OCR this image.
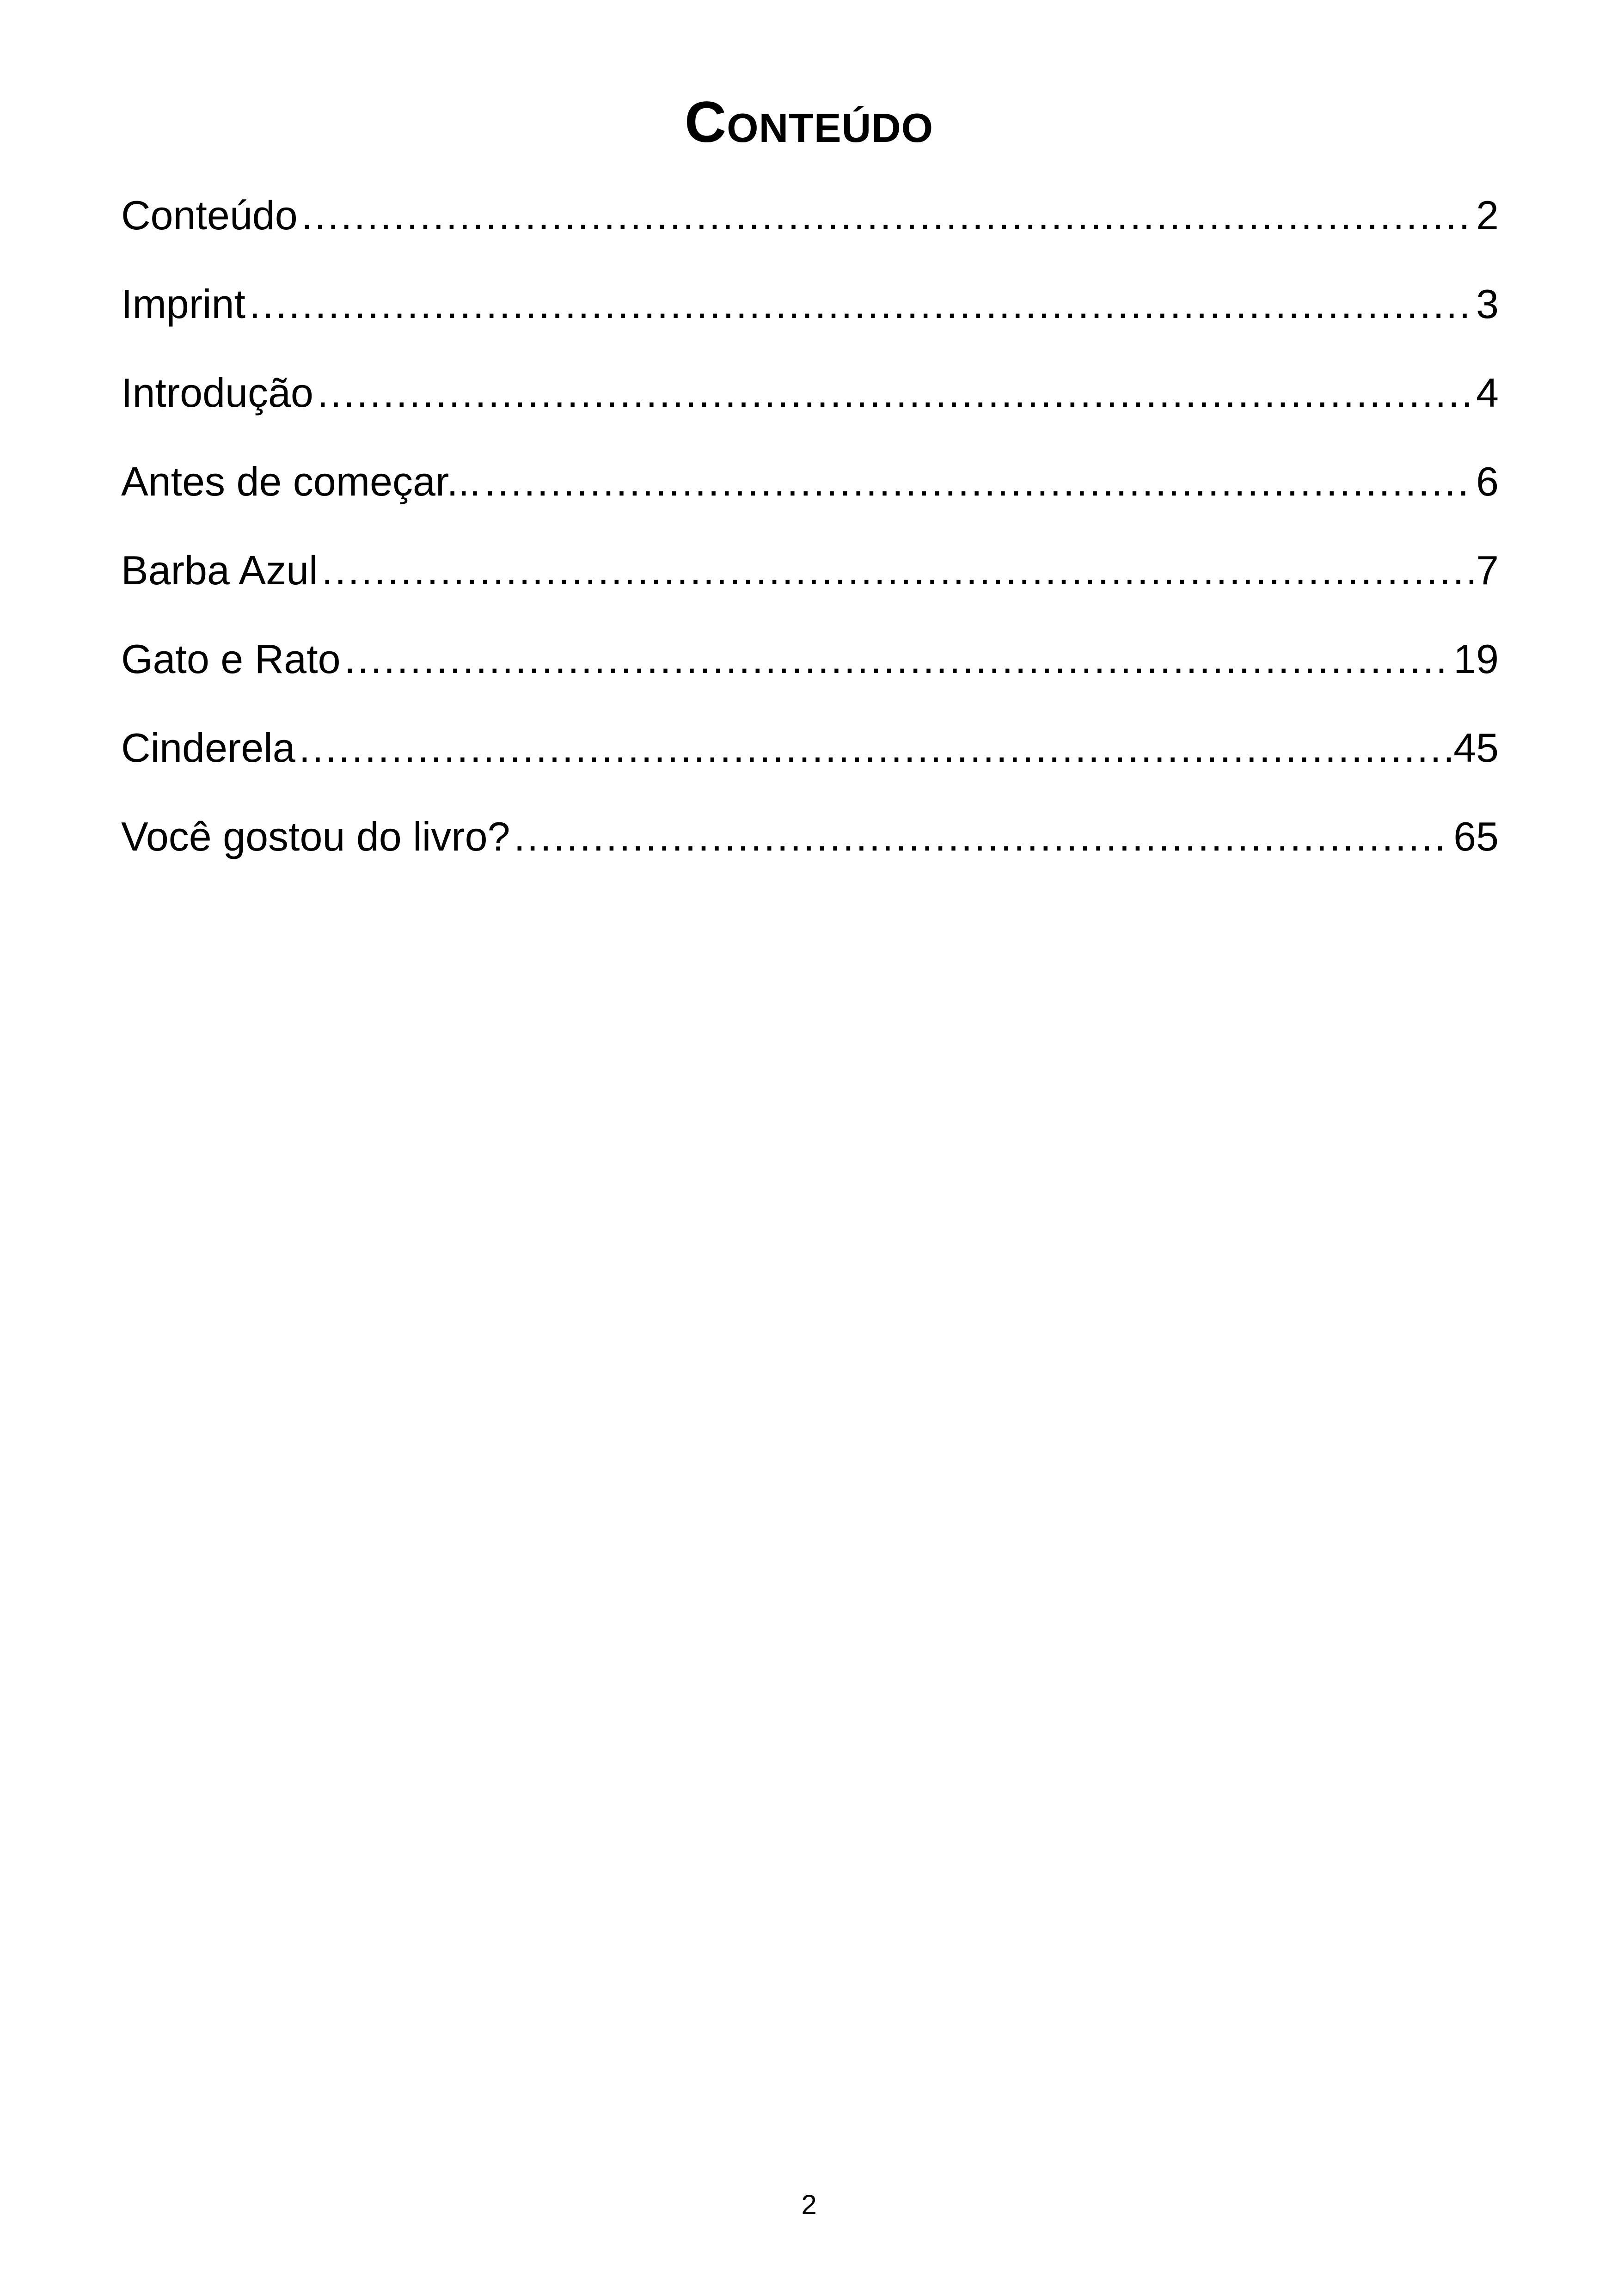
Conteúdo
Conteúdo .....	2
Imprint .....	3
Introdução .....	4
Antes de começar... .....	6
Barba Azul .....	7
Gato e Rato .....	19
Cinderela .....	45
Você gostou do livro? .....	65
2
